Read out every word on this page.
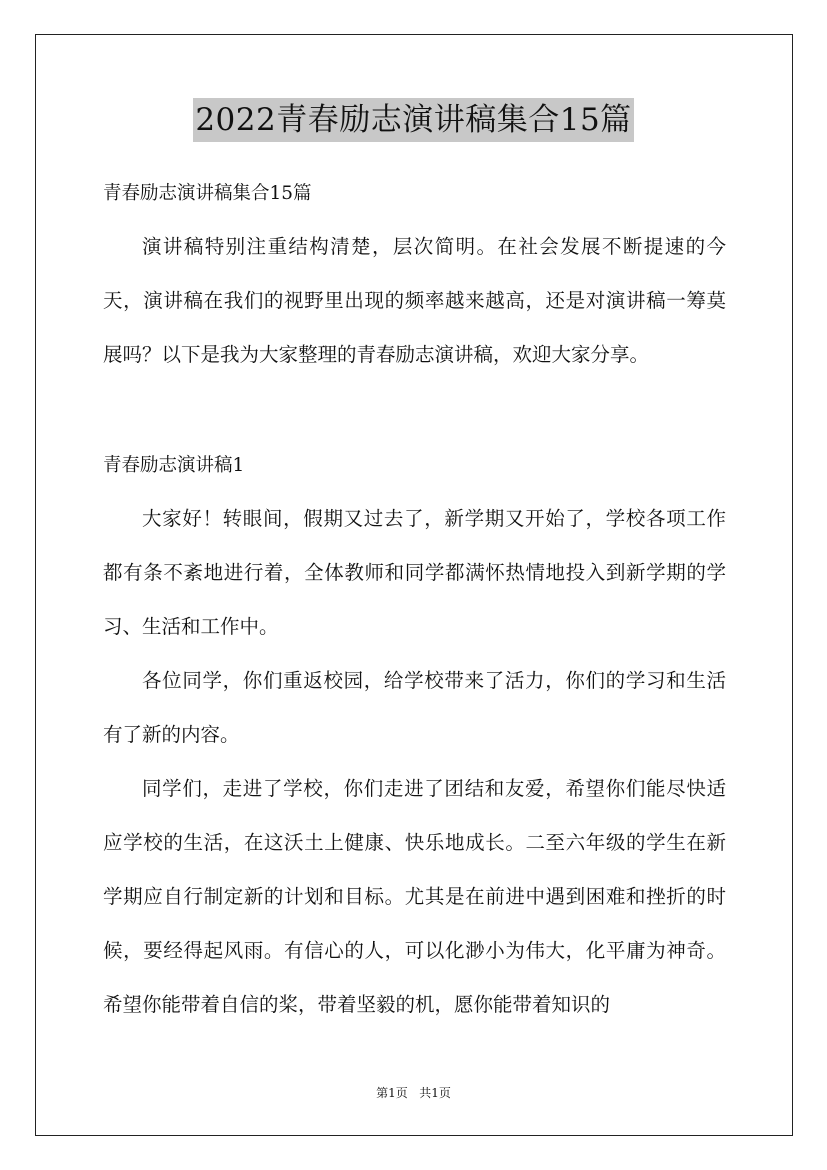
2022青春励志演讲稿集合15篇
青春励志演讲稿集合15篇

演讲稿特别注重结构清楚，层次简明。在社会发展不断提速的今天，演讲稿在我们的视野里出现的频率越来越高，还是对演讲稿一筹莫展吗？以下是我为大家整理的青春励志演讲稿，欢迎大家分享。

青春励志演讲稿1

大家好！转眼间，假期又过去了，新学期又开始了，学校各项工作都有条不紊地进行着，全体教师和同学都满怀热情地投入到新学期的学习、生活和工作中。

各位同学，你们重返校园，给学校带来了活力，你们的学习和生活有了新的内容。

同学们，走进了学校，你们走进了团结和友爱，希望你们能尽快适应学校的生活，在这沃土上健康、快乐地成长。二至六年级的学生在新学期应自行制定新的计划和目标。尤其是在前进中遇到困难和挫折的时候，要经得起风雨。有信心的人，可以化渺小为伟大，化平庸为神奇。希望你能带着自信的桨，带着坚毅的机，愿你能带着知识的

第1页 共1页
